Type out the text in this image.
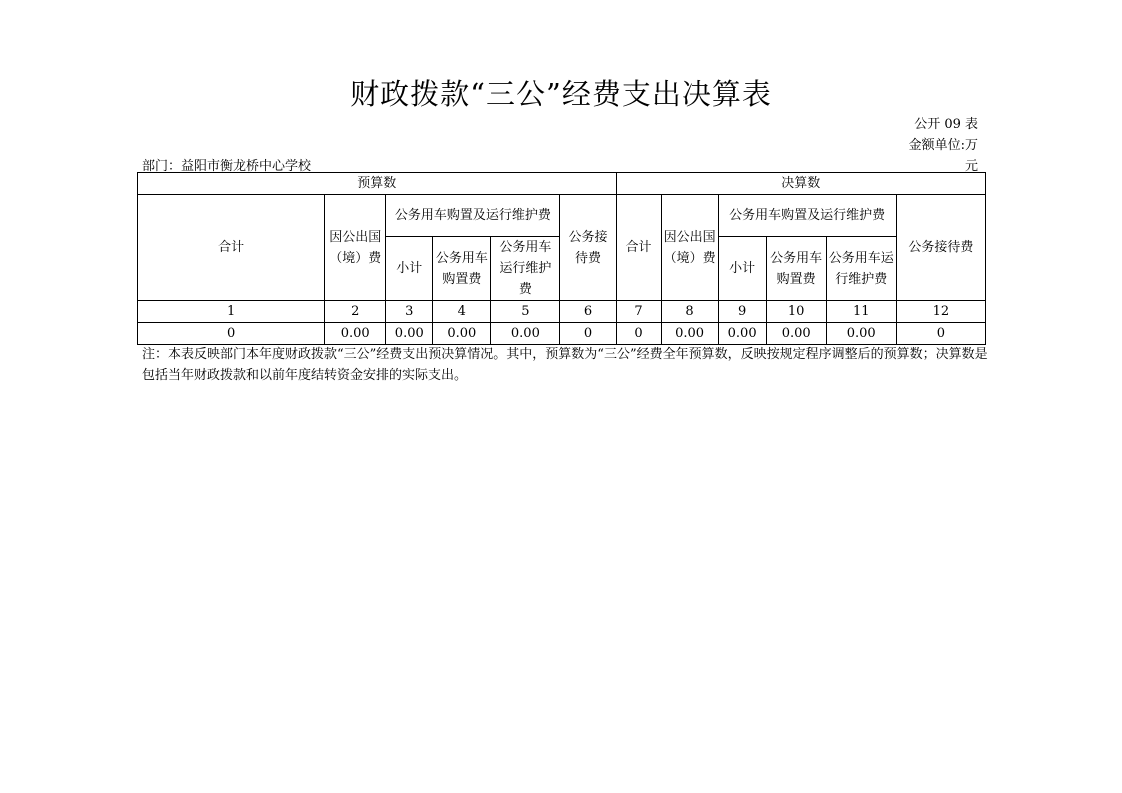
财政拨款“三公”经费支出决算表
公开 09 表
金额单位:万
元
部门：益阳市衡龙桥中心学校
预算数						决算数					
合计	因公出国（境）费	公务用车购置及运行维护费			公务接待费	合计	因公出国（境）费	公务用车购置及运行维护费			公务接待费
		小计	公务用车购置费	公务用车运行维护费				小计	公务用车购置费	公务用车运行维护费	
1	2	3	4	5	6	7	8	9	10	11	12
0	0.00	0.00	0.00	0.00	0	0	0.00	0.00	0.00	0.00	0
注：本表反映部门本年度财政拨款“三公”经费支出预决算情况。其中，预算数为“三公”经费全年预算数，反映按规定程序调整后的预算数；决算数是包括当年财政拨款和以前年度结转资金安排的实际支出。
